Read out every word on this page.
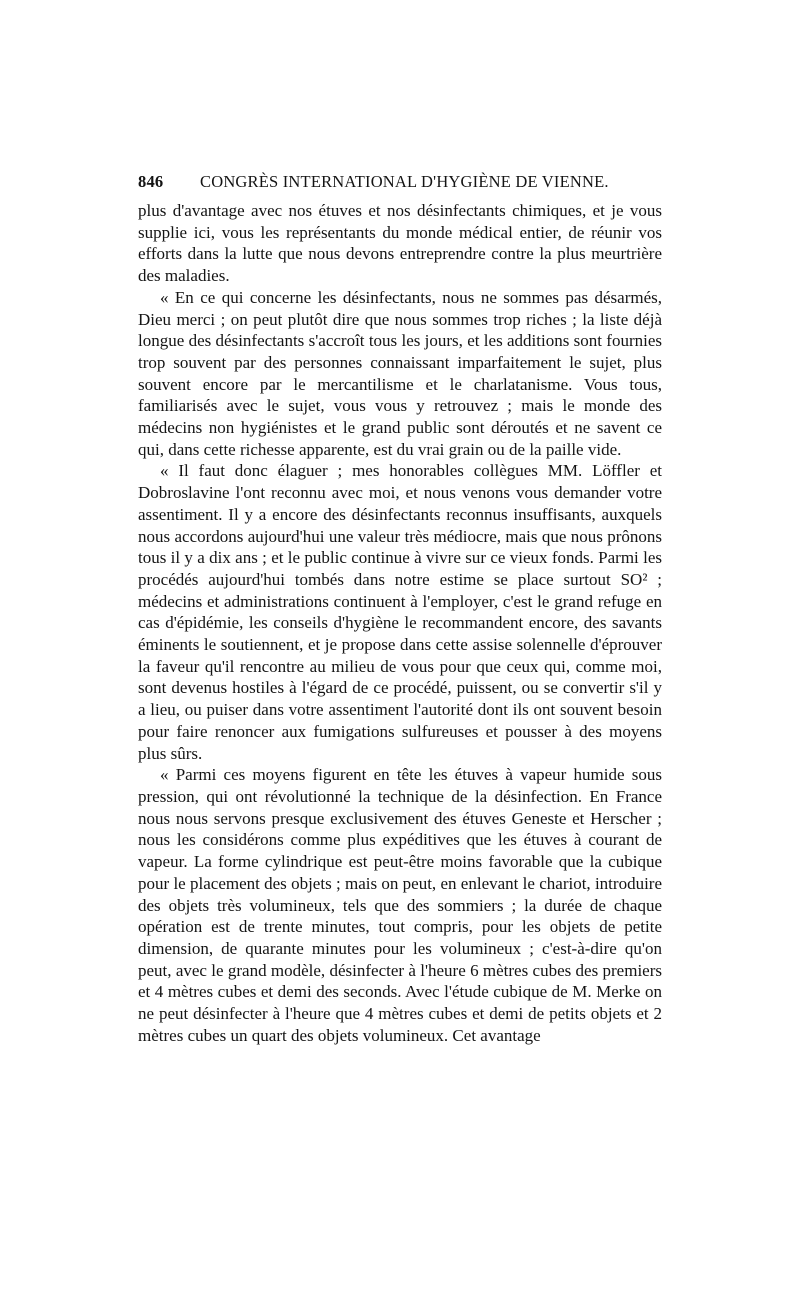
846	CONGRÈS INTERNATIONAL D'HYGIÈNE DE VIENNE.

plus d'avantage avec nos étuves et nos désinfectants chimiques, et je vous supplie ici, vous les représentants du monde médical entier, de réunir vos efforts dans la lutte que nous devons entreprendre contre la plus meurtrière des maladies.

« En ce qui concerne les désinfectants, nous ne sommes pas désarmés, Dieu merci ; on peut plutôt dire que nous sommes trop riches ; la liste déjà longue des désinfectants s'accroît tous les jours, et les additions sont fournies trop souvent par des personnes connaissant imparfaitement le sujet, plus souvent encore par le mercantilisme et le charlatanisme. Vous tous, familiarisés avec le sujet, vous vous y retrouvez ; mais le monde des médecins non hygiénistes et le grand public sont déroutés et ne savent ce qui, dans cette richesse apparente, est du vrai grain ou de la paille vide.

« Il faut donc élaguer ; mes honorables collègues MM. Löffler et Dobroslavine l'ont reconnu avec moi, et nous venons vous demander votre assentiment. Il y a encore des désinfectants reconnus insuffisants, auxquels nous accordons aujourd'hui une valeur très médiocre, mais que nous prônons tous il y a dix ans ; et le public continue à vivre sur ce vieux fonds. Parmi les procédés aujourd'hui tombés dans notre estime se place surtout SO² ; médecins et administrations continuent à l'employer, c'est le grand refuge en cas d'épidémie, les conseils d'hygiène le recommandent encore, des savants éminents le soutiennent, et je propose dans cette assise solennelle d'éprouver la faveur qu'il rencontre au milieu de vous pour que ceux qui, comme moi, sont devenus hostiles à l'égard de ce procédé, puissent, ou se convertir s'il y a lieu, ou puiser dans votre assentiment l'autorité dont ils ont souvent besoin pour faire renoncer aux fumigations sulfureuses et pousser à des moyens plus sûrs.

« Parmi ces moyens figurent en tête les étuves à vapeur humide sous pression, qui ont révolutionné la technique de la désinfection. En France nous nous servons presque exclusivement des étuves Geneste et Herscher ; nous les considérons comme plus expéditives que les étuves à courant de vapeur. La forme cylindrique est peut-être moins favorable que la cubique pour le placement des objets ; mais on peut, en enlevant le chariot, introduire des objets très volumineux, tels que des sommiers ; la durée de chaque opération est de trente minutes, tout compris, pour les objets de petite dimension, de quarante minutes pour les volumineux ; c'est-à-dire qu'on peut, avec le grand modèle, désinfecter à l'heure 6 mètres cubes des premiers et 4 mètres cubes et demi des seconds. Avec l'étude cubique de M. Merke on ne peut désinfecter à l'heure que 4 mètres cubes et demi de petits objets et 2 mètres cubes un quart des objets volumineux. Cet avantage
